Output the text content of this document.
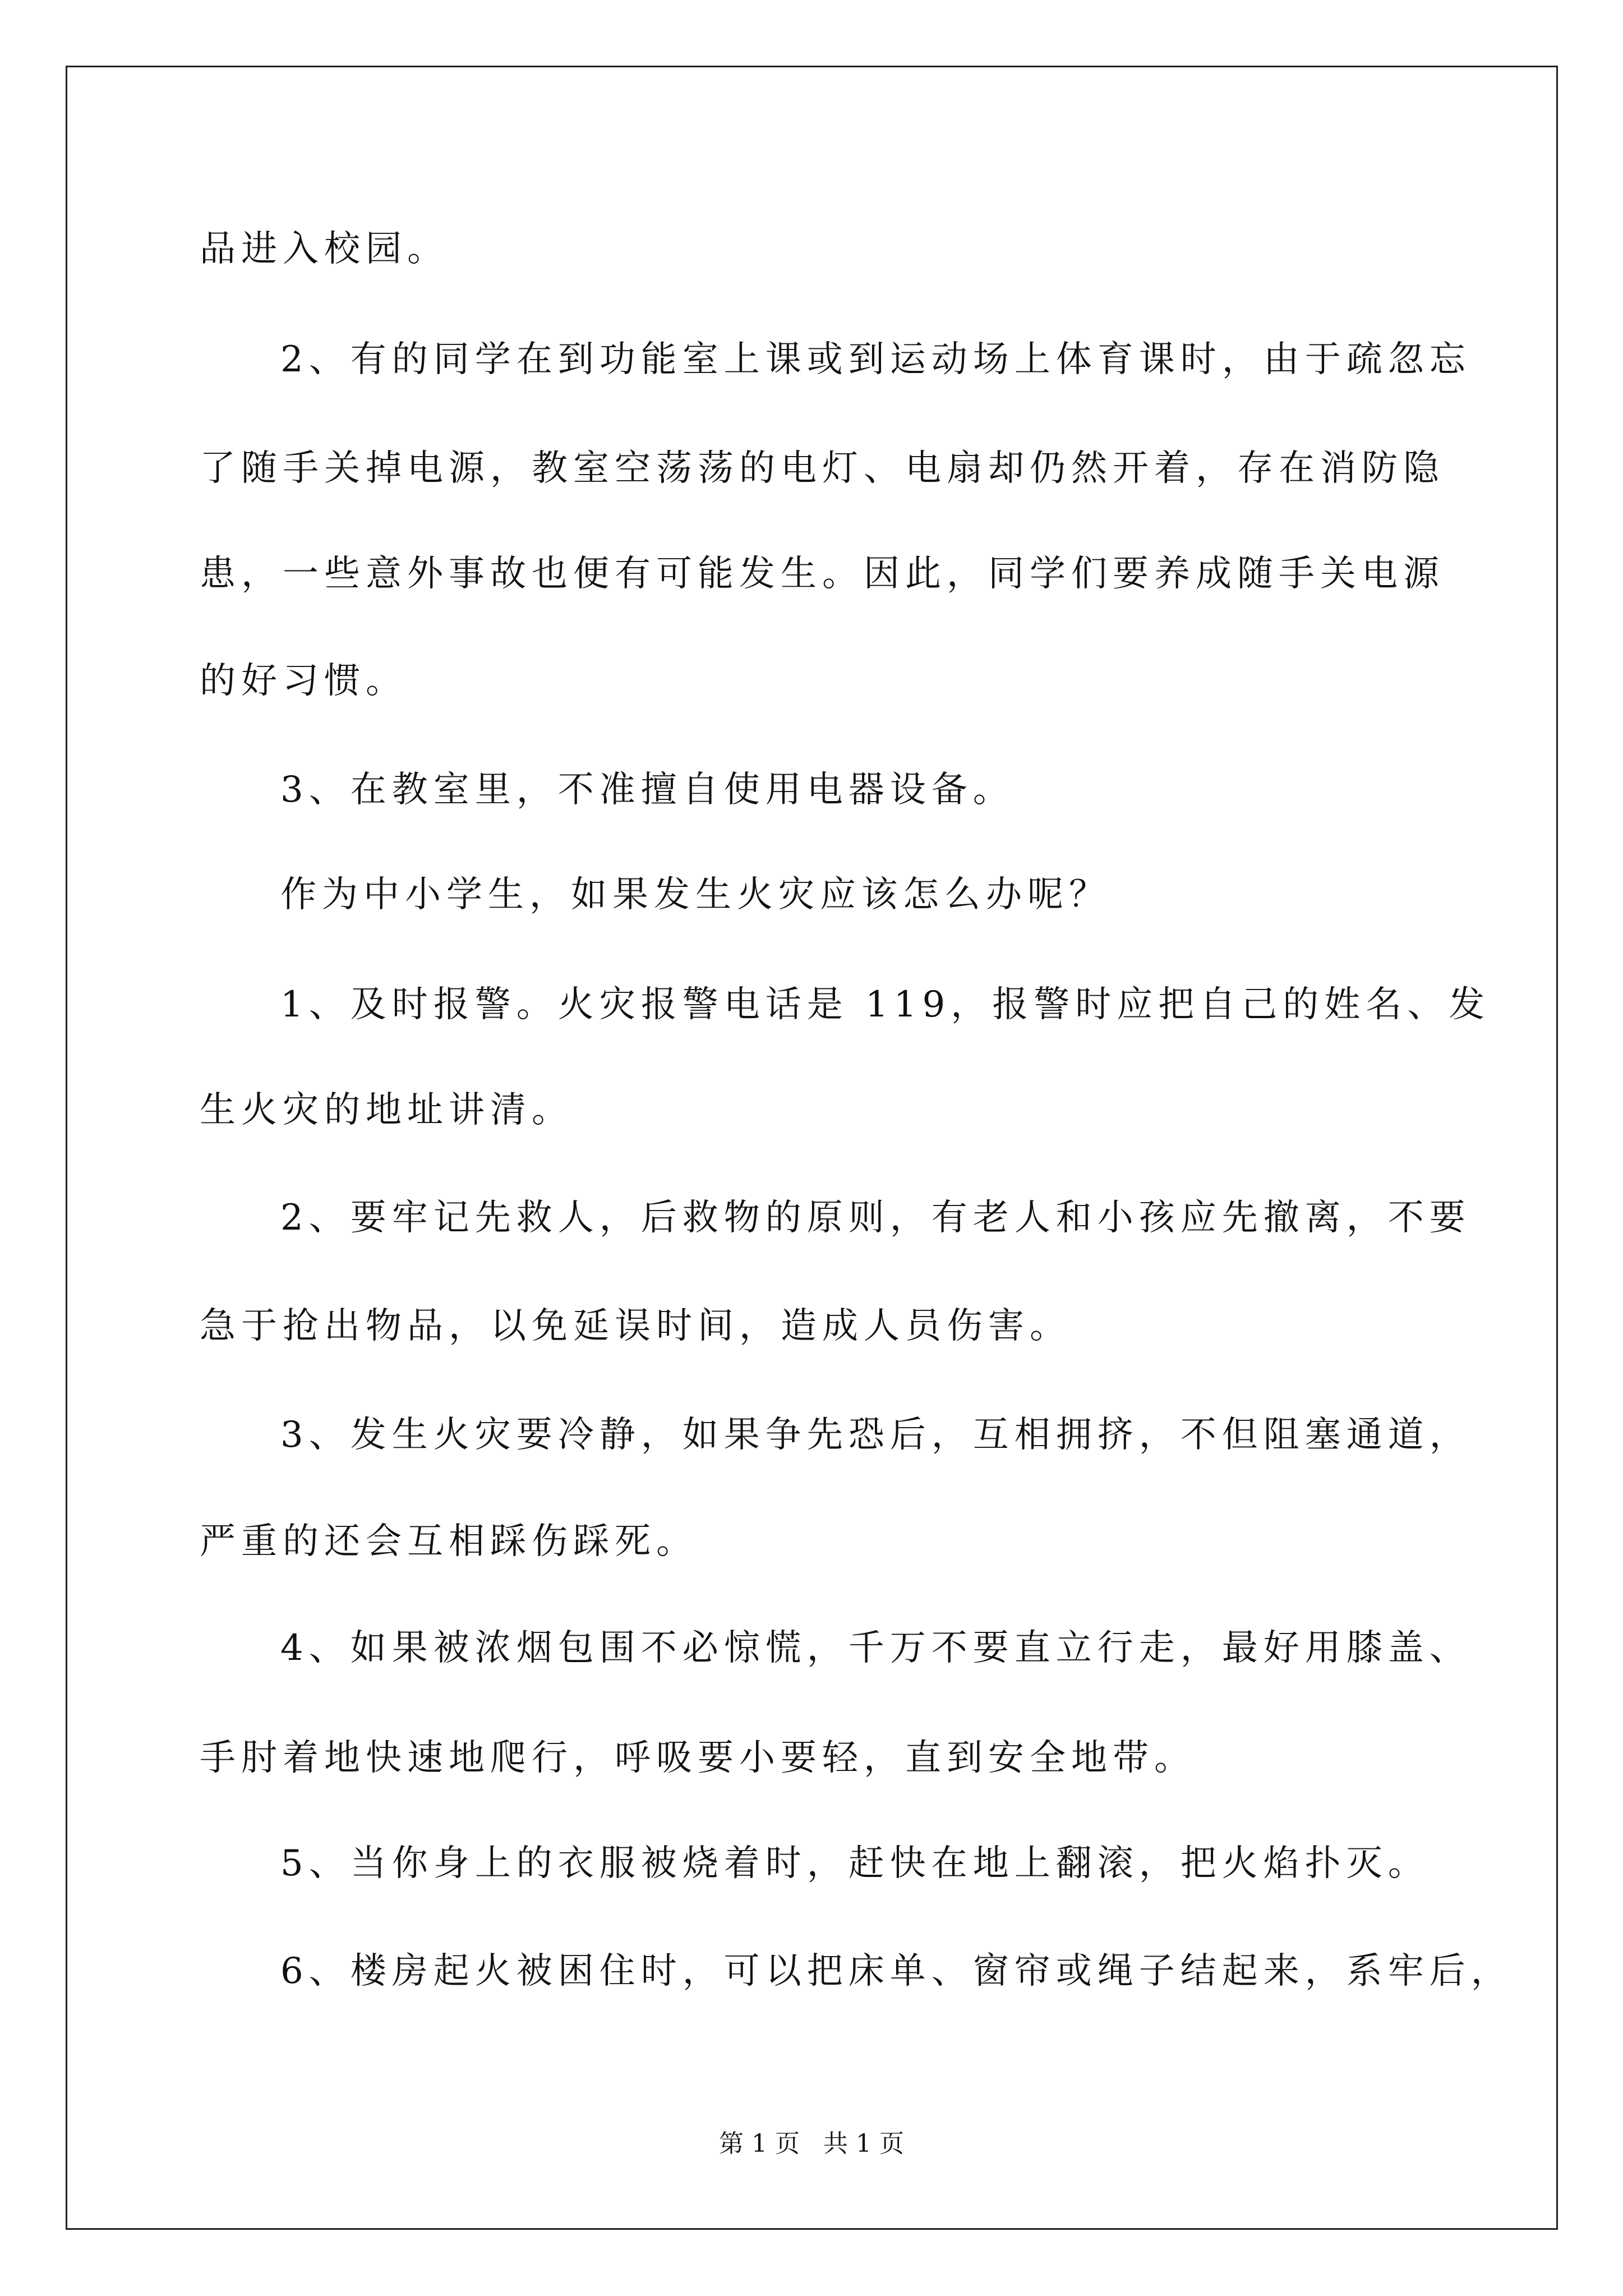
品进入校园。
2、有的同学在到功能室上课或到运动场上体育课时，由于疏忽忘
了随手关掉电源，教室空荡荡的电灯、电扇却仍然开着，存在消防隐
患，一些意外事故也便有可能发生。因此，同学们要养成随手关电源
的好习惯。
3、在教室里，不准擅自使用电器设备。
作为中小学生，如果发生火灾应该怎么办呢？
1、及时报警。火灾报警电话是 119，报警时应把自己的姓名、发
生火灾的地址讲清。
2、要牢记先救人，后救物的原则，有老人和小孩应先撤离，不要
急于抢出物品，以免延误时间，造成人员伤害。
3、发生火灾要冷静，如果争先恐后，互相拥挤，不但阻塞通道，
严重的还会互相踩伤踩死。
4、如果被浓烟包围不必惊慌，千万不要直立行走，最好用膝盖、
手肘着地快速地爬行，呼吸要小要轻，直到安全地带。
5、当你身上的衣服被烧着时，赶快在地上翻滚，把火焰扑灭。
6、楼房起火被困住时，可以把床单、窗帘或绳子结起来，系牢后，
第 1 页   共 1 页
